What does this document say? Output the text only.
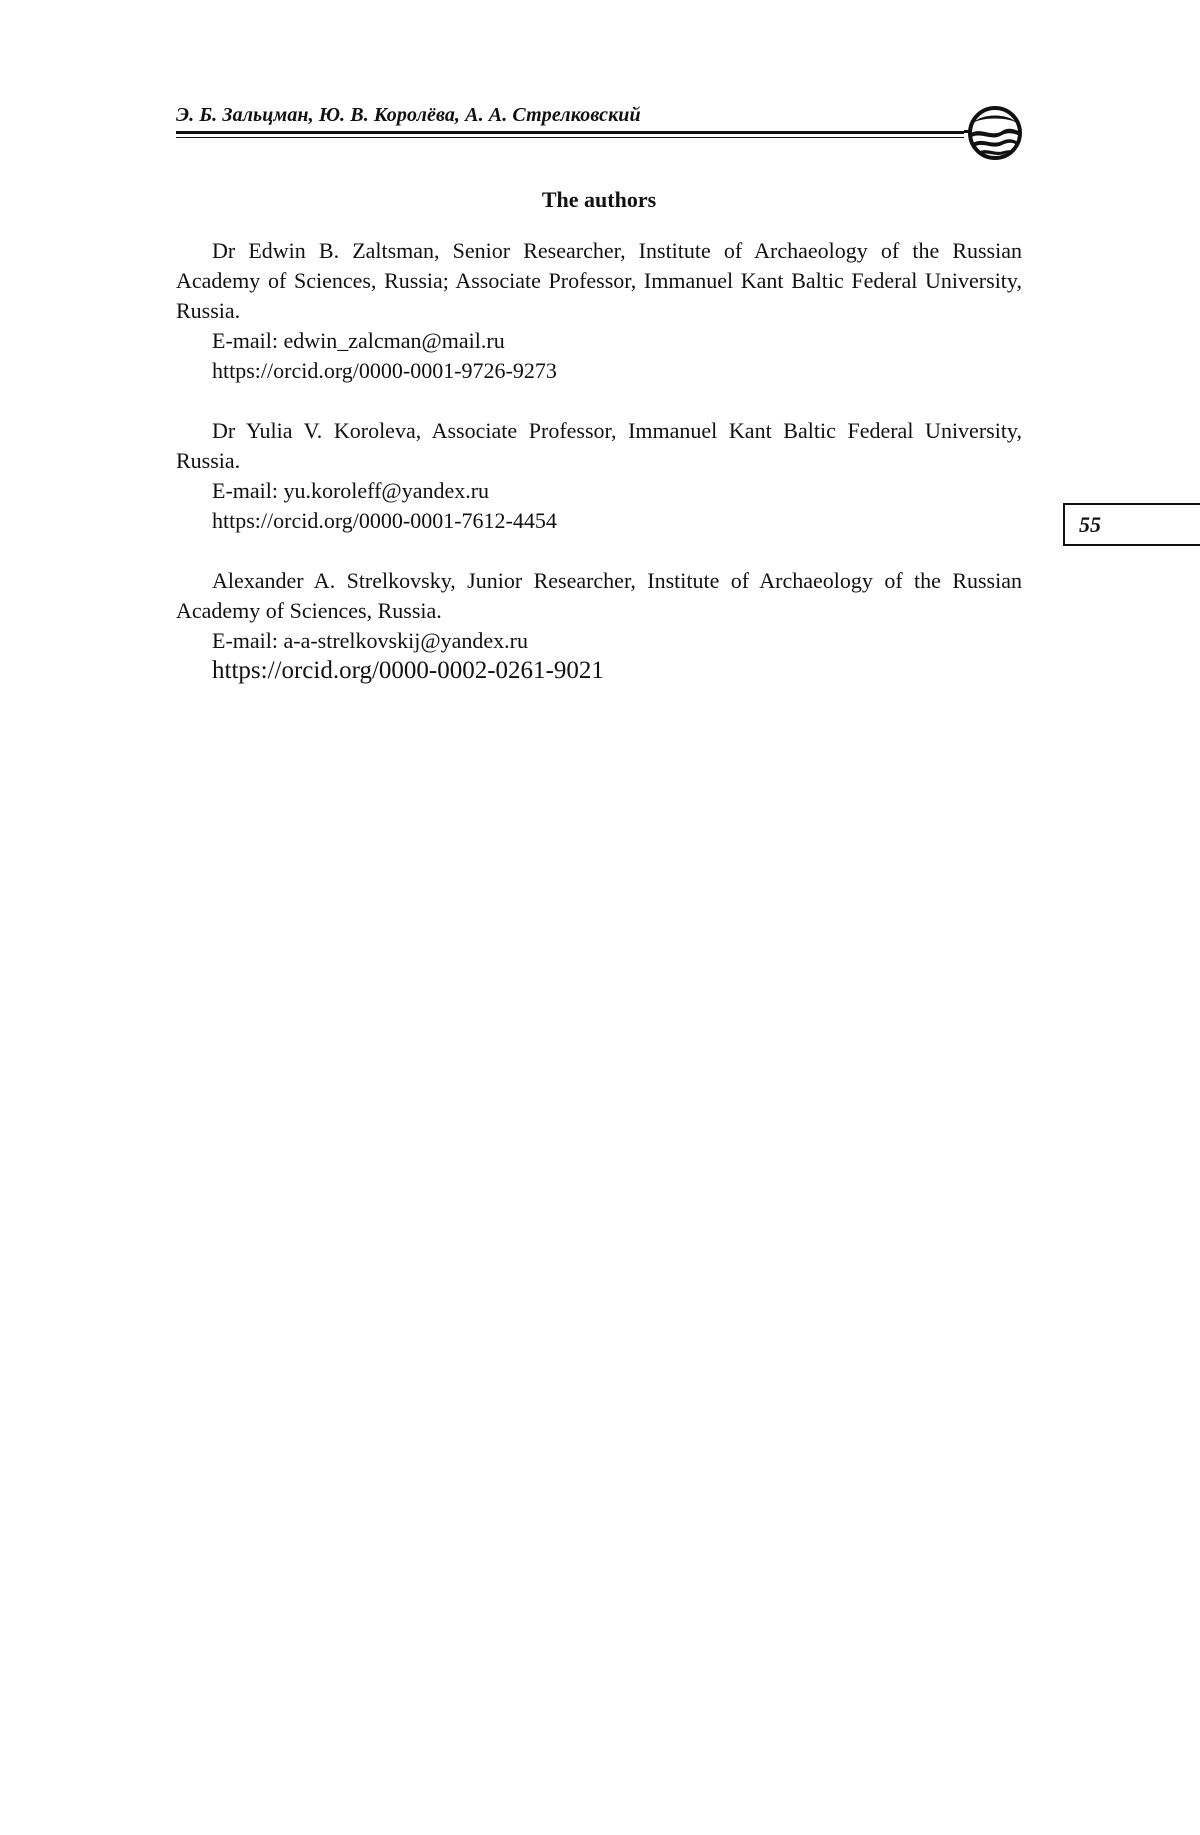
Э. Б. Зальцман, Ю. В. Королёва, А. А. Стрелковский
55
The authors

Dr Edwin B. Zaltsman, Senior Researcher, Institute of Archaeology of the Russian Academy of Sciences, Russia; Associate Professor, Immanuel Kant Baltic Federal University, Russia.

E-mail: edwin_zalcman@mail.ru

https://orcid.org/0000-0001-9726-9273

Dr Yulia V. Koroleva, Associate Professor, Immanuel Kant Baltic Federal University, Russia.

E-mail: yu.koroleff@yandex.ru

https://orcid.org/0000-0001-7612-4454

Alexander A. Strelkovsky, Junior Researcher, Institute of Archaeology of the Russian Academy of Sciences, Russia.

E-mail: a-a-strelkovskij@yandex.ru

https://orcid.org/0000-0002-0261-9021
